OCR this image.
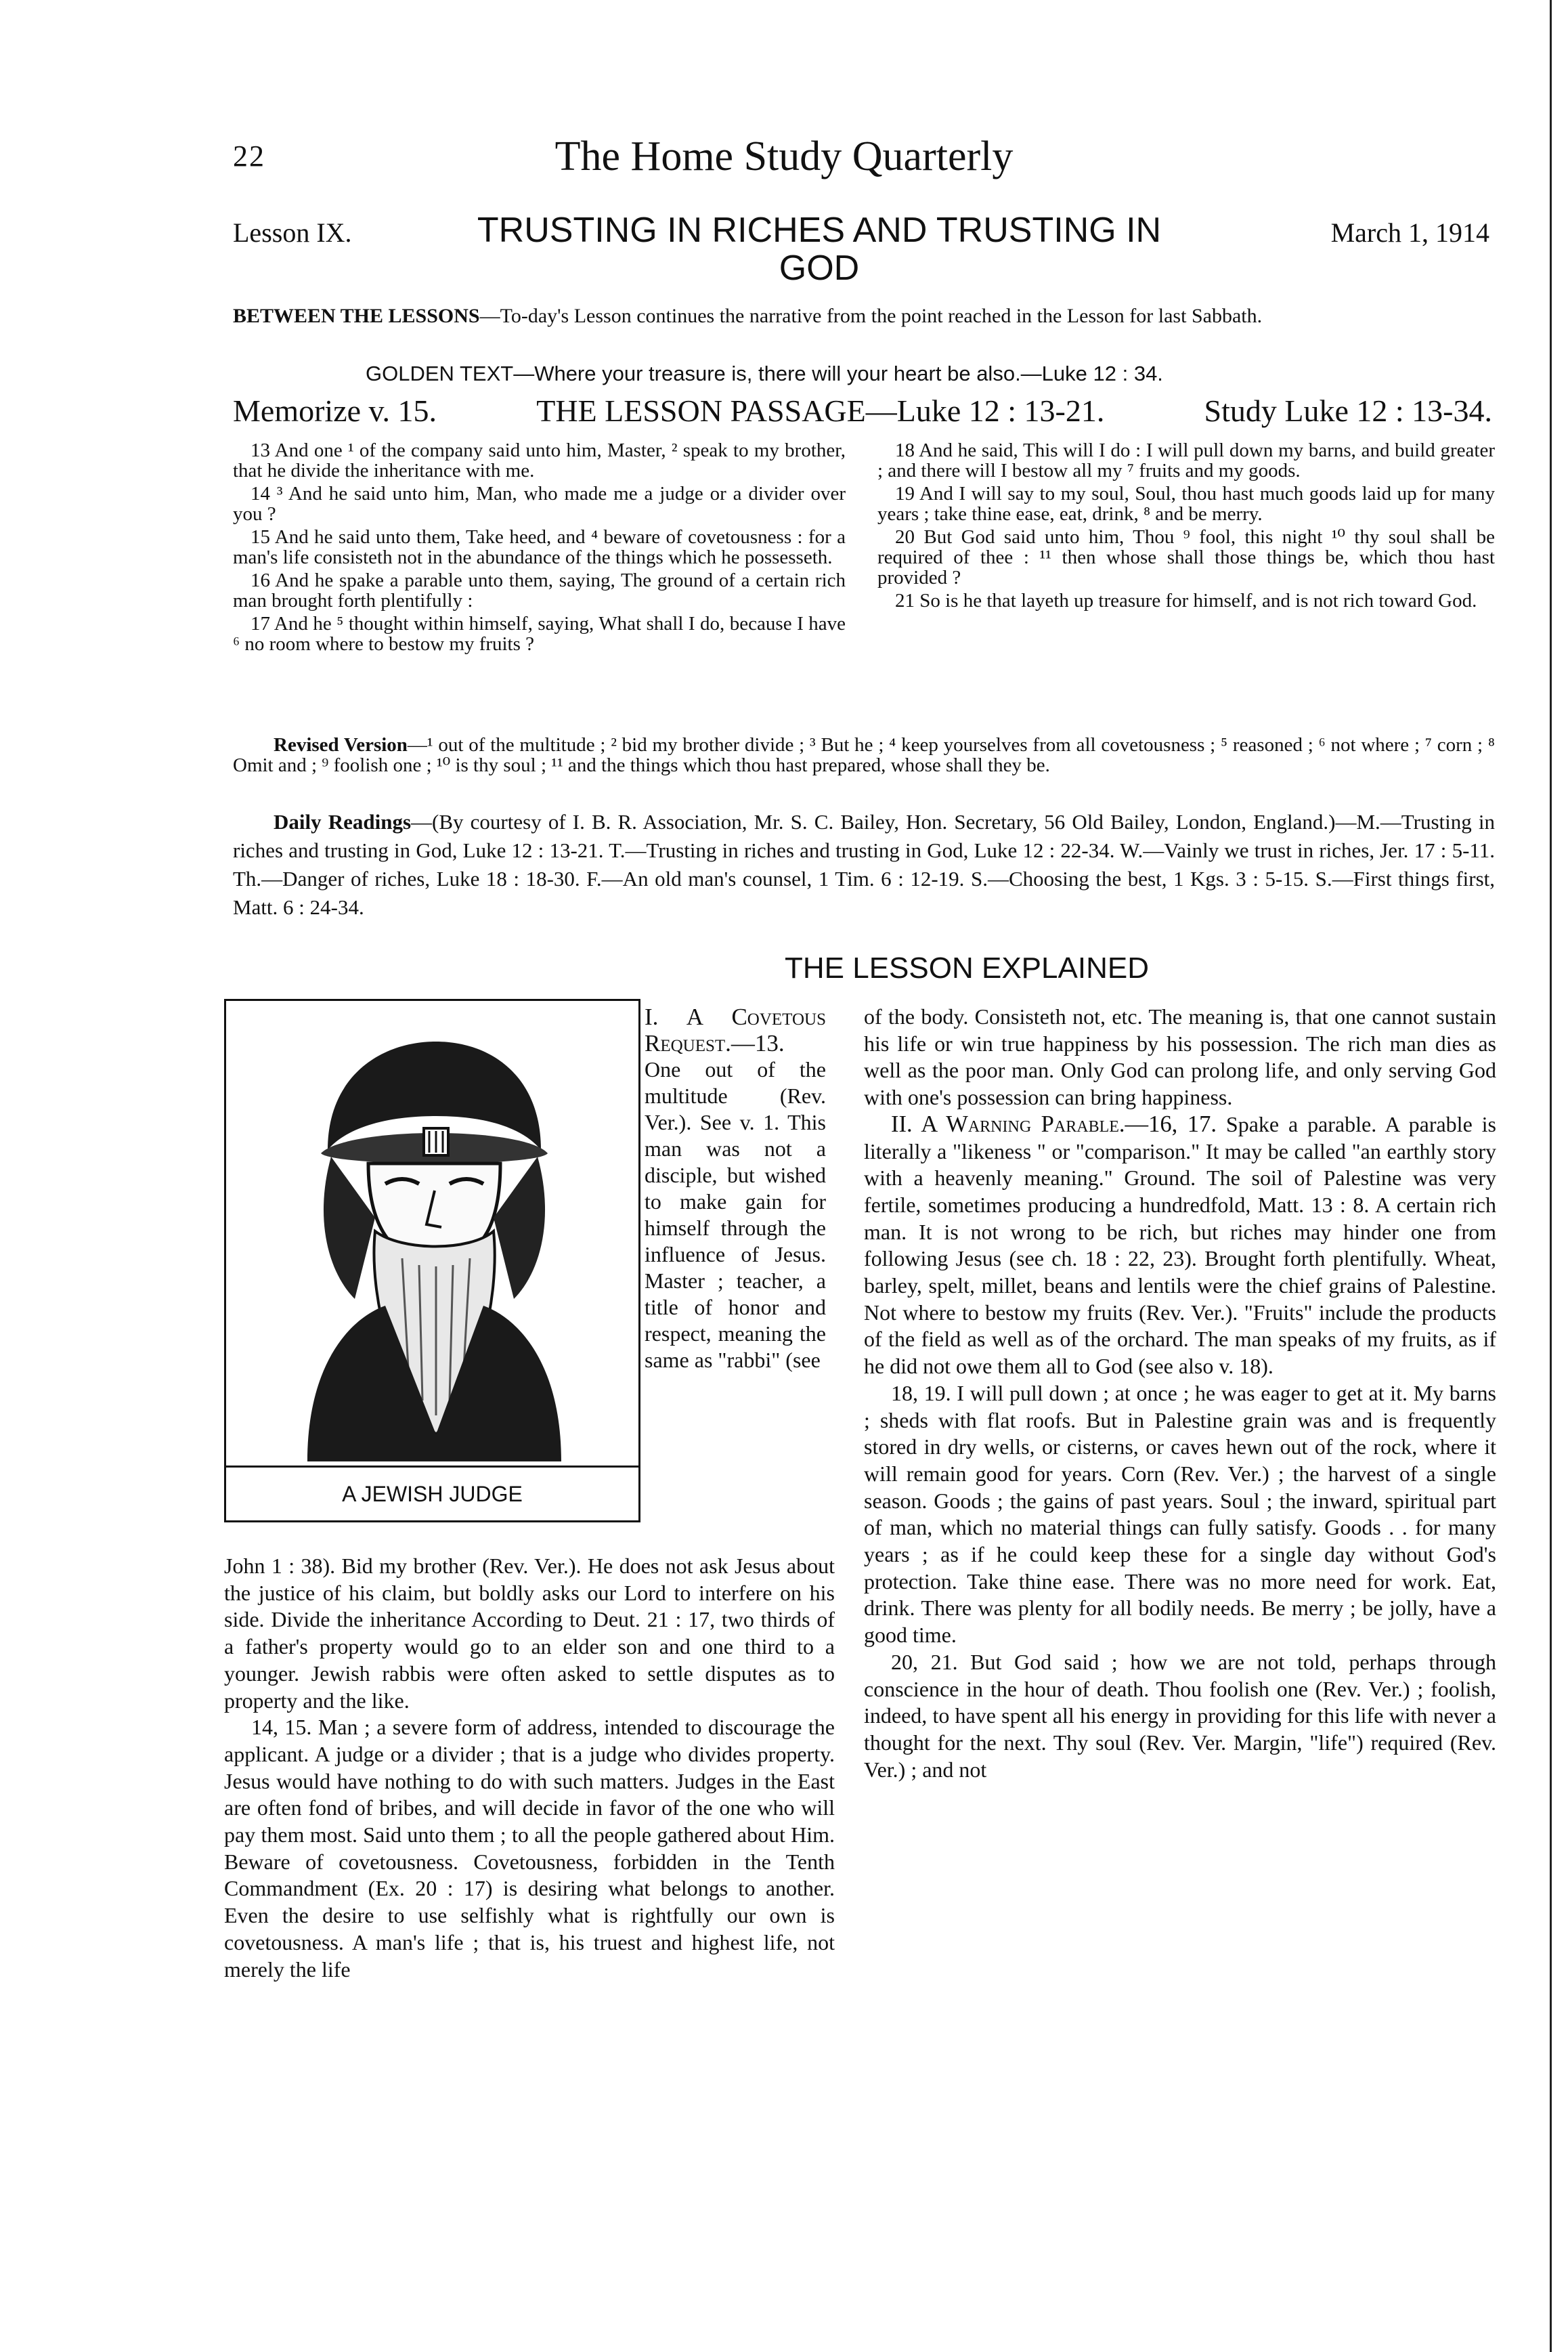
22	The Home Study Quarterly
Lesson IX.	TRUSTING IN RICHES AND TRUSTING IN GOD
March 1, 1914
BETWEEN THE LESSONS—To-day's Lesson continues the narrative from the point reached in the Lesson for last Sabbath.
GOLDEN TEXT—Where your treasure is, there will your heart be also.—Luke 12 : 34.
Memorize v. 15.	THE LESSON PASSAGE—Luke 12 : 13-21.	Study Luke 12 : 13-34.

13 And one ¹ of the company said unto him, Master, ² speak to my brother, that he divide the inheritance with me.

14 ³ And he said unto him, Man, who made me a judge or a divider over you ?

15 And he said unto them, Take heed, and ⁴ beware of covetousness : for a man's life consisteth not in the abundance of the things which he possesseth.

16 And he spake a parable unto them, saying, The ground of a certain rich man brought forth plentifully :

17 And he ⁵ thought within himself, saying, What shall I do, because I have ⁶ no room where to bestow my fruits ?

18 And he said, This will I do : I will pull down my barns, and build greater ; and there will I bestow all my ⁷ fruits and my goods.

19 And I will say to my soul, Soul, thou hast much goods laid up for many years ; take thine ease, eat, drink, ⁸ and be merry.

20 But God said unto him, Thou ⁹ fool, this night ¹⁰ thy soul shall be required of thee : ¹¹ then whose shall those things be, which thou hast provided ?

21 So is he that layeth up treasure for himself, and is not rich toward God.

Revised Version—¹ out of the multitude ; ² bid my brother divide ; ³ But he ; ⁴ keep yourselves from all covetousness ; ⁵ reasoned ; ⁶ not where ; ⁷ corn ; ⁸ Omit and ; ⁹ foolish one ; ¹⁰ is thy soul ; ¹¹ and the things which thou hast prepared, whose shall they be.
Daily Readings—(By courtesy of I. B. R. Association, Mr. S. C. Bailey, Hon. Secretary, 56 Old Bailey, London, England.)—M.—Trusting in riches and trusting in God, Luke 12 : 13-21. T.—Trusting in riches and trusting in God, Luke 12 : 22-34. W.—Vainly we trust in riches, Jer. 17 : 5-11. Th.—Danger of riches, Luke 18 : 18-30. F.—An old man's counsel, 1 Tim. 6 : 12-19. S.—Choosing the best, 1 Kgs. 3 : 5-15. S.—First things first, Matt. 6 : 24-34.
THE LESSON EXPLAINED
A JEWISH JUDGE
I. A Covetous Request.—13.
One out of the multitude (Rev. Ver.). See v. 1. This man was not a disciple, but wished to make gain for himself through the influence of Jesus. Master ; teacher, a title of honor and respect, meaning the same as "rabbi" (see

John 1 : 38). Bid my brother (Rev. Ver.). He does not ask Jesus about the justice of his claim, but boldly asks our Lord to interfere on his side. Divide the inheritance According to Deut. 21 : 17, two thirds of a father's property would go to an elder son and one third to a younger. Jewish rabbis were often asked to settle disputes as to property and the like.

14, 15. Man ; a severe form of address, intended to discourage the applicant. A judge or a divider ; that is a judge who divides property. Jesus would have nothing to do with such matters. Judges in the East are often fond of bribes, and will decide in favor of the one who will pay them most. Said unto them ; to all the people gathered about Him. Beware of covetousness. Covetousness, forbidden in the Tenth Commandment (Ex. 20 : 17) is desiring what belongs to another. Even the desire to use selfishly what is rightfully our own is covetousness. A man's life ; that is, his truest and highest life, not merely the life

of the body. Consisteth not, etc. The meaning is, that one cannot sustain his life or win true happiness by his possession. The rich man dies as well as the poor man. Only God can prolong life, and only serving God with one's possession can bring happiness.

II. A Warning Parable.—16, 17. Spake a parable. A parable is literally a "likeness " or "comparison." It may be called "an earthly story with a heavenly meaning." Ground. The soil of Palestine was very fertile, sometimes producing a hundredfold, Matt. 13 : 8. A certain rich man. It is not wrong to be rich, but riches may hinder one from following Jesus (see ch. 18 : 22, 23). Brought forth plentifully. Wheat, barley, spelt, millet, beans and lentils were the chief grains of Palestine. Not where to bestow my fruits (Rev. Ver.). "Fruits" include the products of the field as well as of the orchard. The man speaks of my fruits, as if he did not owe them all to God (see also v. 18).

18, 19. I will pull down ; at once ; he was eager to get at it. My barns ; sheds with flat roofs. But in Palestine grain was and is frequently stored in dry wells, or cisterns, or caves hewn out of the rock, where it will remain good for years. Corn (Rev. Ver.) ; the harvest of a single season. Goods ; the gains of past years. Soul ; the inward, spiritual part of man, which no material things can fully satisfy. Goods . . for many years ; as if he could keep these for a single day without God's protection. Take thine ease. There was no more need for work. Eat, drink. There was plenty for all bodily needs. Be merry ; be jolly, have a good time.

20, 21. But God said ; how we are not told, perhaps through conscience in the hour of death. Thou foolish one (Rev. Ver.) ; foolish, indeed, to have spent all his energy in providing for this life with never a thought for the next. Thy soul (Rev. Ver. Margin, "life") required (Rev. Ver.) ; and not
